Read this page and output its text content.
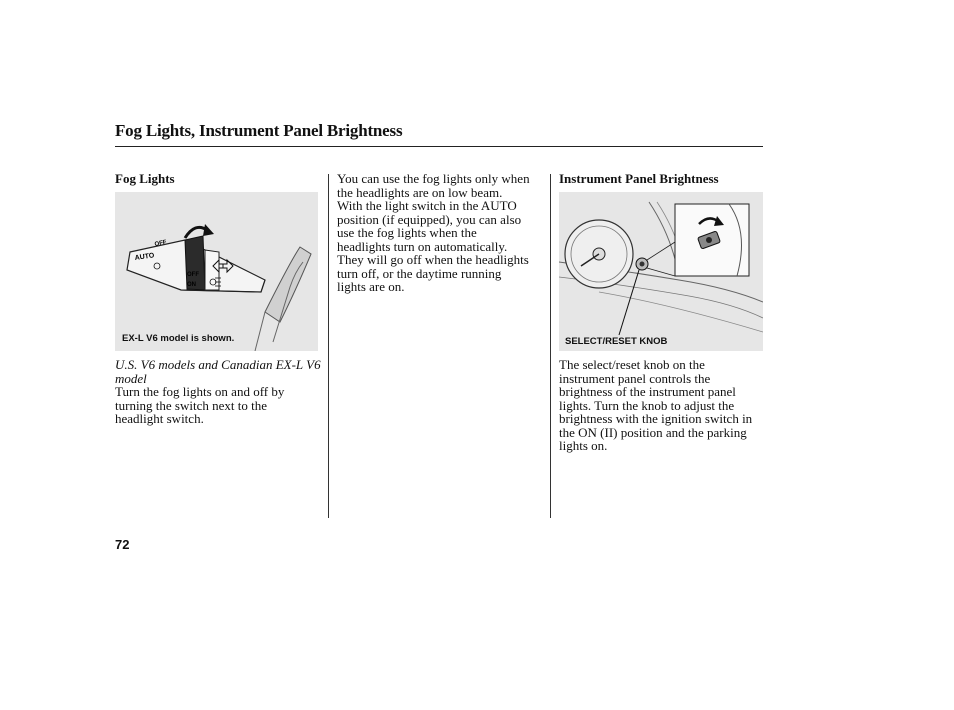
Fog Lights, Instrument Panel Brightness
Fog Lights
OFF
AUTO
OFF
ON
EX-L V6 model is shown.
U.S. V6 models and Canadian EX-L V6
model
Turn the fog lights on and off by
turning the switch next to the
headlight switch.
You can use the fog lights only when
the headlights are on low beam.
With the light switch in the AUTO
position (if equipped), you can also
use the fog lights when the
headlights turn on automatically.
They will go off when the headlights
turn off, or the daytime running
lights are on.
Instrument Panel Brightness
SELECT/RESET KNOB
The select/reset knob on the
instrument panel controls the
brightness of the instrument panel
lights. Turn the knob to adjust the
brightness with the ignition switch in
the ON (II) position and the parking
lights on.
72
